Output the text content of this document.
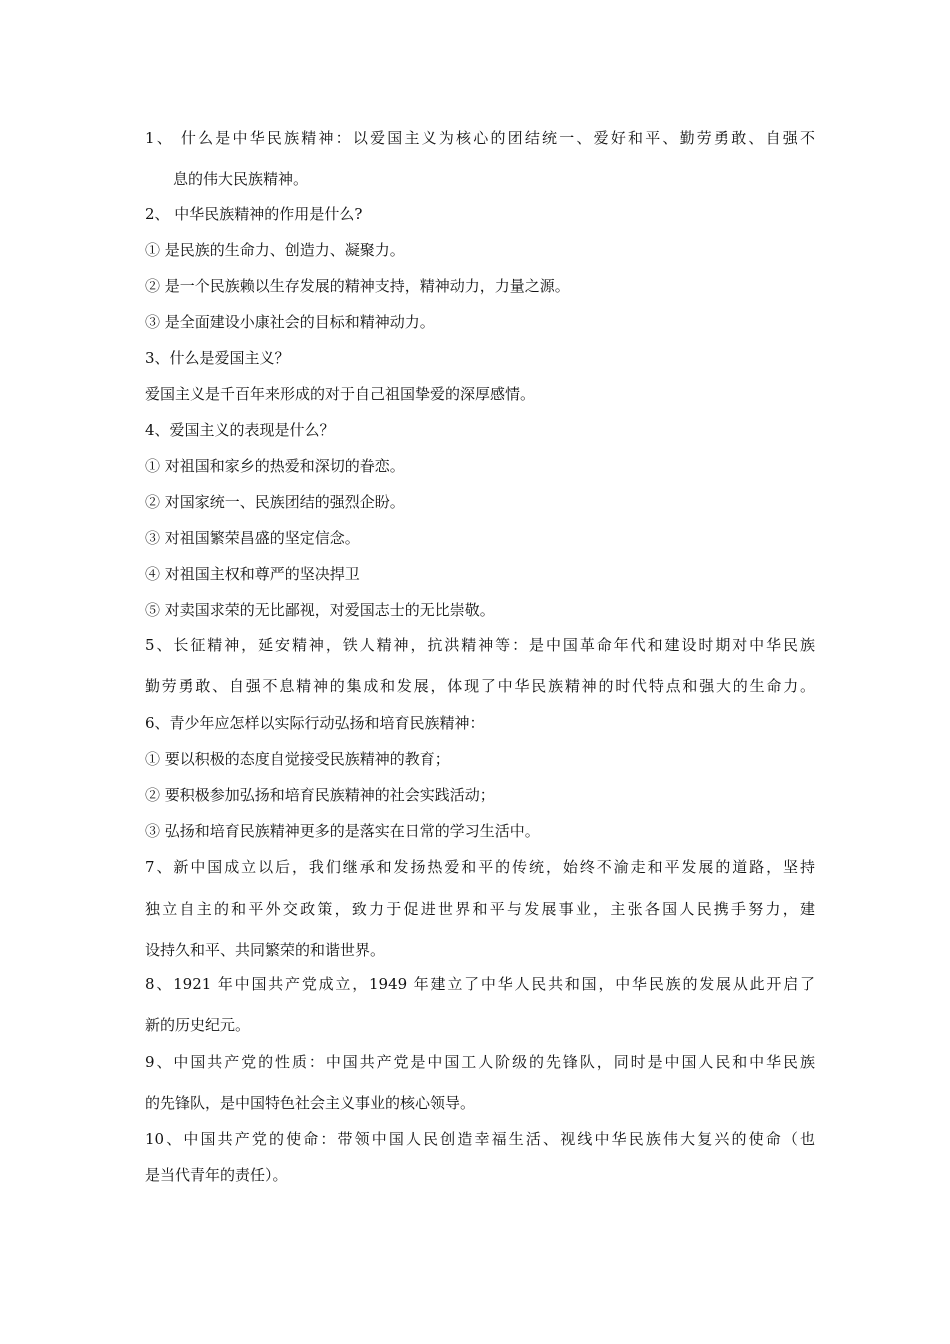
1、 什么是中华民族精神：以爱国主义为核心的团结统一、爱好和平、勤劳勇敢、自强不
息的伟大民族精神。
2、 中华民族精神的作用是什么?
① 是民族的生命力、创造力、凝聚力。
② 是一个民族赖以生存发展的精神支持，精神动力，力量之源。
③ 是全面建设小康社会的目标和精神动力。
3、什么是爱国主义？
爱国主义是千百年来形成的对于自己祖国挚爱的深厚感情。
4、爱国主义的表现是什么？
① 对祖国和家乡的热爱和深切的眷恋。
② 对国家统一、民族团结的强烈企盼。
③ 对祖国繁荣昌盛的坚定信念。
④ 对祖国主权和尊严的坚决捍卫
⑤ 对卖国求荣的无比鄙视，对爱国志士的无比崇敬。
5、长征精神，延安精神，铁人精神，抗洪精神等：是中国革命年代和建设时期对中华民族
勤劳勇敢、自强不息精神的集成和发展，体现了中华民族精神的时代特点和强大的生命力。
6、青少年应怎样以实际行动弘扬和培育民族精神：
① 要以积极的态度自觉接受民族精神的教育；
② 要积极参加弘扬和培育民族精神的社会实践活动；
③ 弘扬和培育民族精神更多的是落实在日常的学习生活中。
7、新中国成立以后，我们继承和发扬热爱和平的传统，始终不渝走和平发展的道路，坚持
独立自主的和平外交政策，致力于促进世界和平与发展事业，主张各国人民携手努力，建
设持久和平、共同繁荣的和谐世界。
8、1921 年中国共产党成立，1949 年建立了中华人民共和国，中华民族的发展从此开启了
新的历史纪元。
9、中国共产党的性质：中国共产党是中国工人阶级的先锋队，同时是中国人民和中华民族
的先锋队，是中国特色社会主义事业的核心领导。
10、中国共产党的使命：带领中国人民创造幸福生活、视线中华民族伟大复兴的使命（也
是当代青年的责任）。
